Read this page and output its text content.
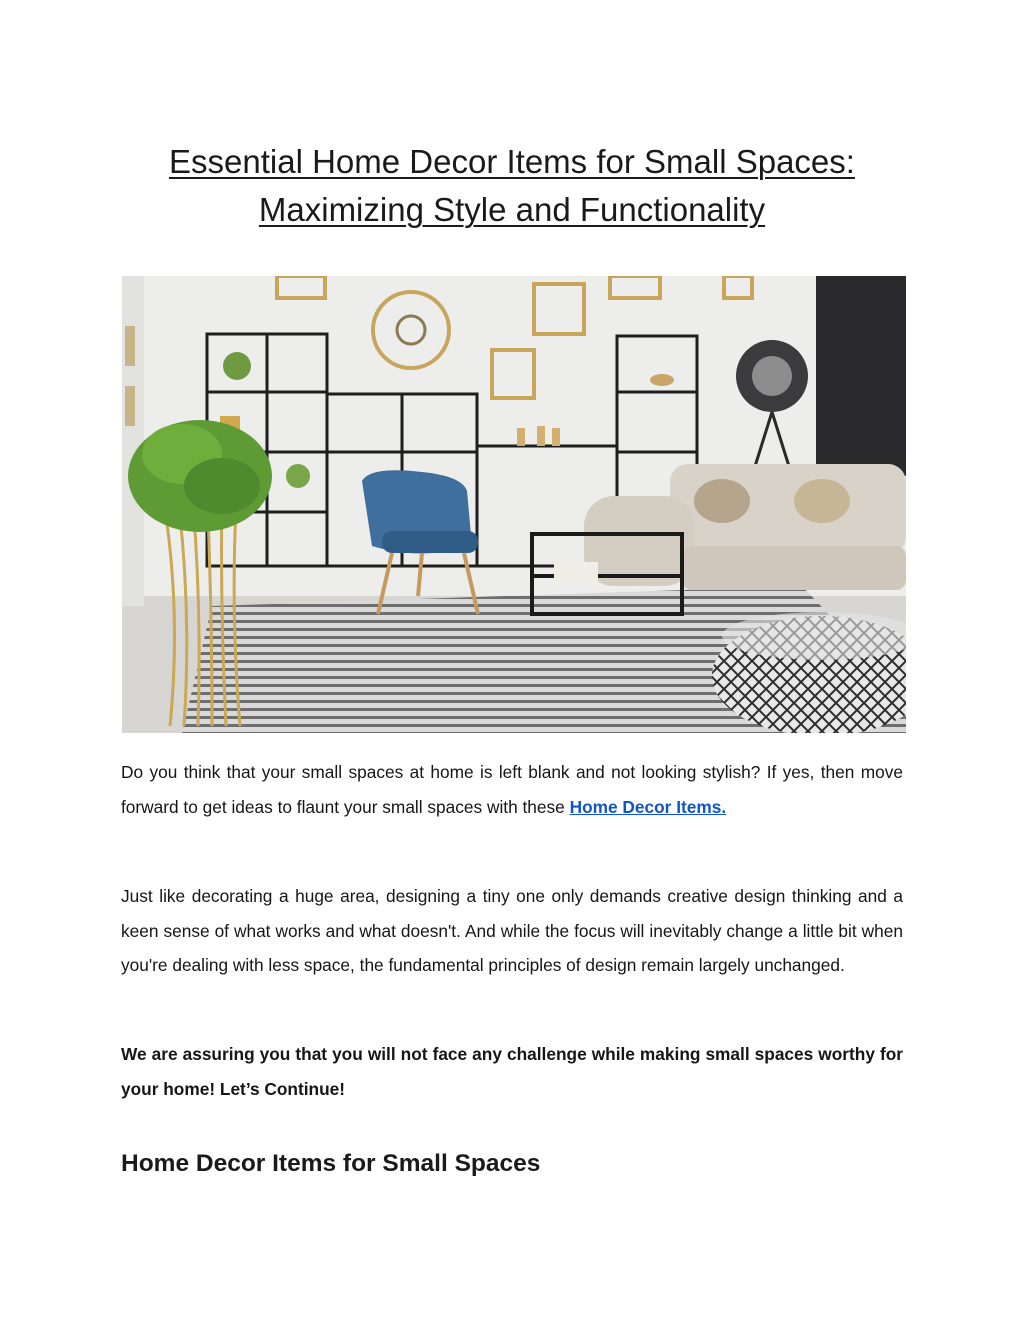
Essential Home Decor Items for Small Spaces:
Maximizing Style and Functionality

Do you think that your small spaces at home is left blank and not looking stylish? If yes, then move forward to get ideas to flaunt your small spaces with these Home Decor Items.

Just like decorating a huge area, designing a tiny one only demands creative design thinking and a keen sense of what works and what doesn't. And while the focus will inevitably change a little bit when you're dealing with less space, the fundamental principles of design remain largely unchanged.

We are assuring you that you will not face any challenge while making small spaces worthy for your home! Let’s Continue!

Home Decor Items for Small Spaces
